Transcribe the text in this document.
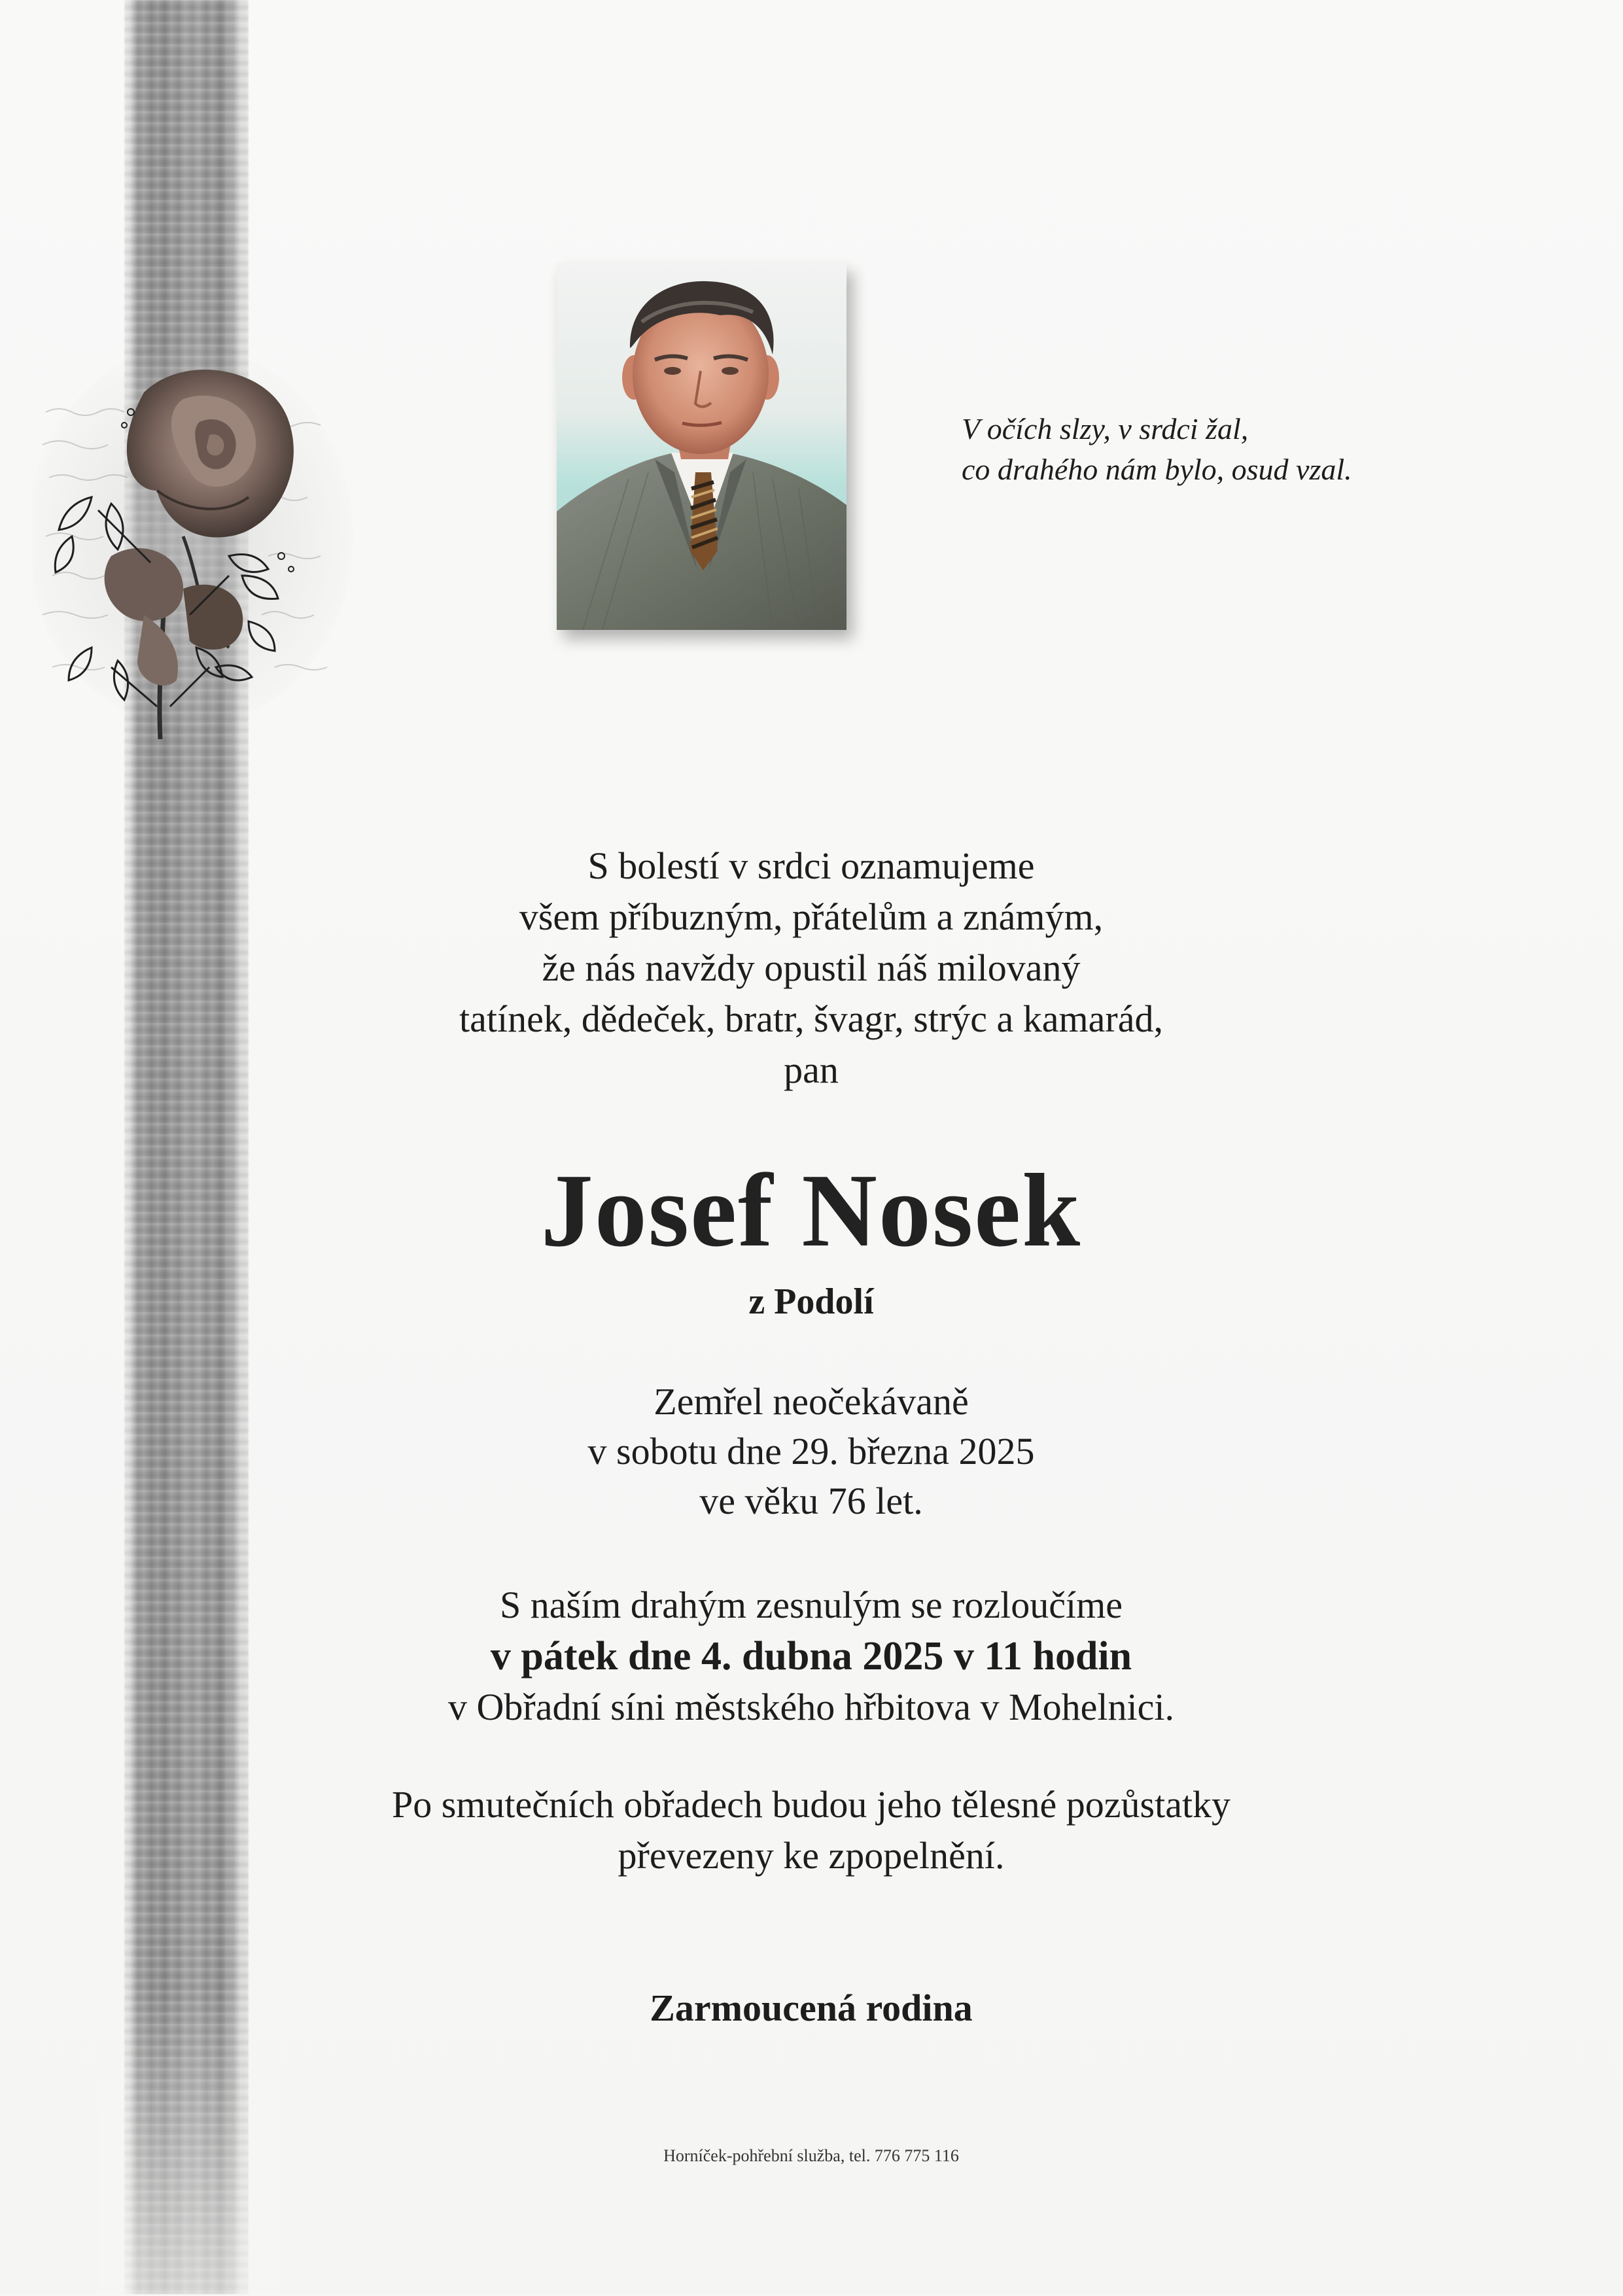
V očích slzy, v srdci žal,
co drahého nám bylo, osud vzal.
S bolestí v srdci oznamujeme
všem příbuzným, přátelům a známým,
že nás navždy opustil náš milovaný
tatínek, dědeček, bratr, švagr, strýc a kamarád,
pan
Josef Nosek
z Podolí
Zemřel neočekávaně
v sobotu dne 29. března 2025
ve věku 76 let.
S naším drahým zesnulým se rozloučíme
v pátek dne 4. dubna 2025 v 11 hodin
v Obřadní síni městského hřbitova v Mohelnici.
Po smutečních obřadech budou jeho tělesné pozůstatky
převezeny ke zpopelnění.
Zarmoucená rodina
Horníček-pohřební služba, tel. 776 775 116
